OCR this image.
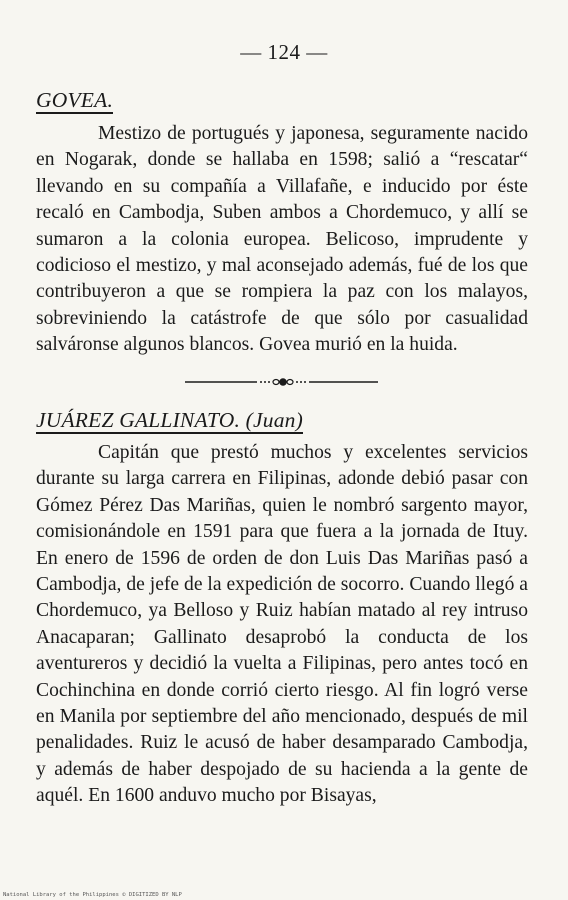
— 124 —
GOVEA.

Mestizo de portugués y japonesa, seguramente nacido en Nogarak, donde se hallaba en 1598; salió a “rescatar“ llevando en su compañía a Villafañe, e inducido por éste recaló en Cambodja, Suben ambos a Chordemuco, y allí se sumaron a la colonia europea. Belicoso, imprudente y codicioso el mestizo, y mal aconsejado además, fué de los que contribuyeron a que se rompiera la paz con los malayos, sobreviniendo la catástrofe de que sólo por casualidad salváronse algunos blancos. Govea murió en la huida.

JUÁREZ GALLINATO. (Juan)

Capitán que prestó muchos y excelentes servicios durante su larga carrera en Filipinas, adonde debió pasar con Gómez Pérez Das Mariñas, quien le nombró sargento mayor, comisionándole en 1591 para que fuera a la jornada de Ituy. En enero de 1596 de orden de don Luis Das Mariñas pasó a Cambodja, de jefe de la expedición de socorro. Cuando llegó a Chordemuco, ya Belloso y Ruiz habían matado al rey intruso Anacaparan; Gallinato desaprobó la conducta de los aventureros y decidió la vuelta a Filipinas, pero antes tocó en Cochinchina en donde corrió cierto riesgo. Al fin logró verse en Manila por septiembre del año mencionado, después de mil penalidades. Ruiz le acusó de haber desamparado Cambodja, y además de haber despojado de su hacienda a la gente de aquél. En 1600 anduvo mucho por Bisayas,

National Library of the Philippines © DIGITIZED BY NLP
